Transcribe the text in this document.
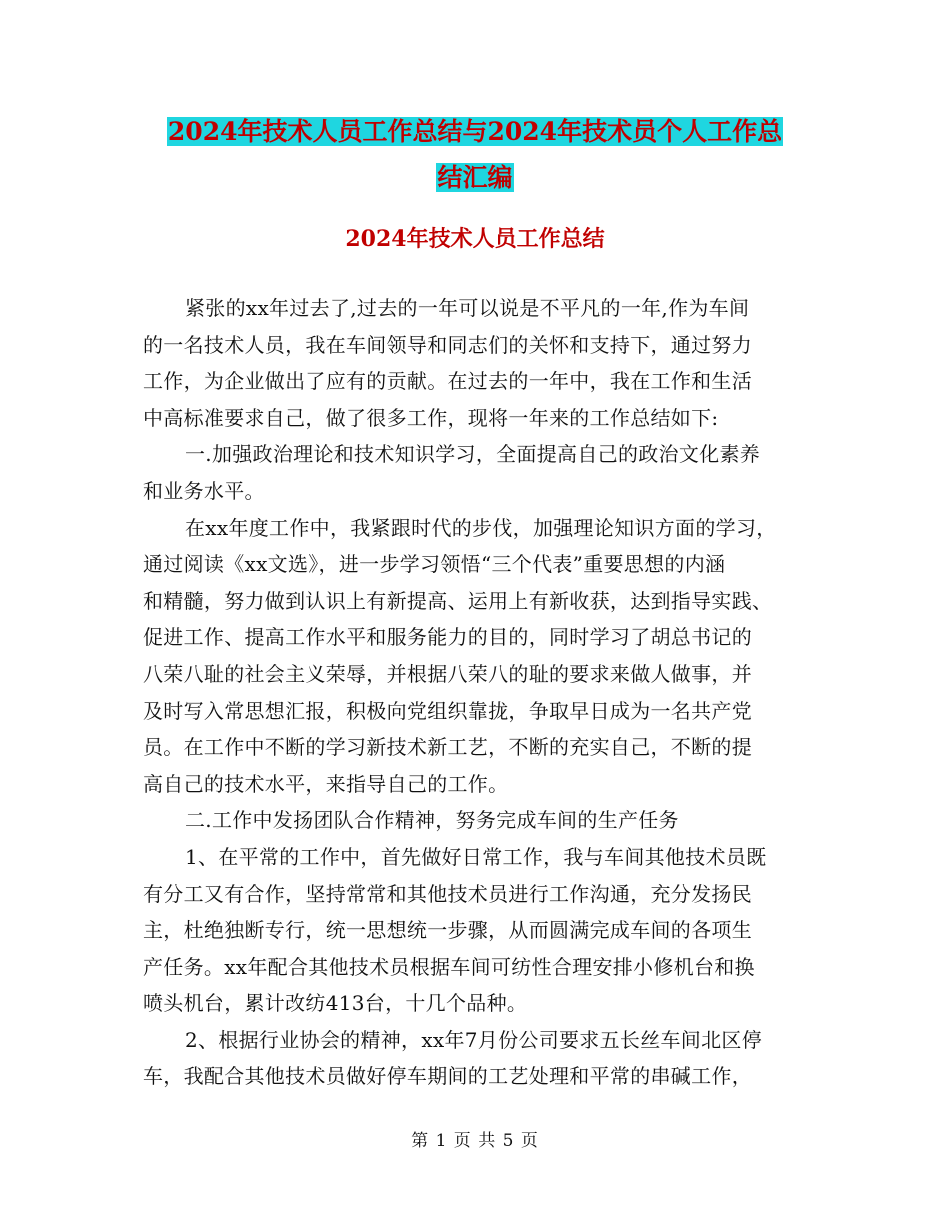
2024年技术人员工作总结与2024年技术员个人工作总
结汇编
2024年技术人员工作总结
紧张的xx年过去了,过去的一年可以说是不平凡的一年,作为车间
的一名技术人员，我在车间领导和同志们的关怀和支持下，通过努力
工作，为企业做出了应有的贡献。在过去的一年中，我在工作和生活
中高标准要求自己，做了很多工作，现将一年来的工作总结如下:
一.加强政治理论和技术知识学习，全面提高自己的政治文化素养
和业务水平。
在xx年度工作中，我紧跟时代的步伐，加强理论知识方面的学习，
通过阅读《xx文选》，进一步学习领悟“三个代表”重要思想的内涵
和精髓，努力做到认识上有新提高、运用上有新收获，达到指导实践、
促进工作、提高工作水平和服务能力的目的，同时学习了胡总书记的
八荣八耻的社会主义荣辱，并根据八荣八的耻的要求来做人做事，并
及时写入常思想汇报，积极向党组织靠拢，争取早日成为一名共产党
员。在工作中不断的学习新技术新工艺，不断的充实自己，不断的提
高自己的技术水平，来指导自己的工作。
二.工作中发扬团队合作精神，努务完成车间的生产任务
1、在平常的工作中，首先做好日常工作，我与车间其他技术员既
有分工又有合作，坚持常常和其他技术员进行工作沟通，充分发扬民
主，杜绝独断专行，统一思想统一步骤，从而圆满完成车间的各项生
产任务。xx年配合其他技术员根据车间可纺性合理安排小修机台和换
喷头机台，累计改纺413台，十几个品种。
2、根据行业协会的精神，xx年7月份公司要求五长丝车间北区停
车，我配合其他技术员做好停车期间的工艺处理和平常的串碱工作，
第 1 页 共 5 页
